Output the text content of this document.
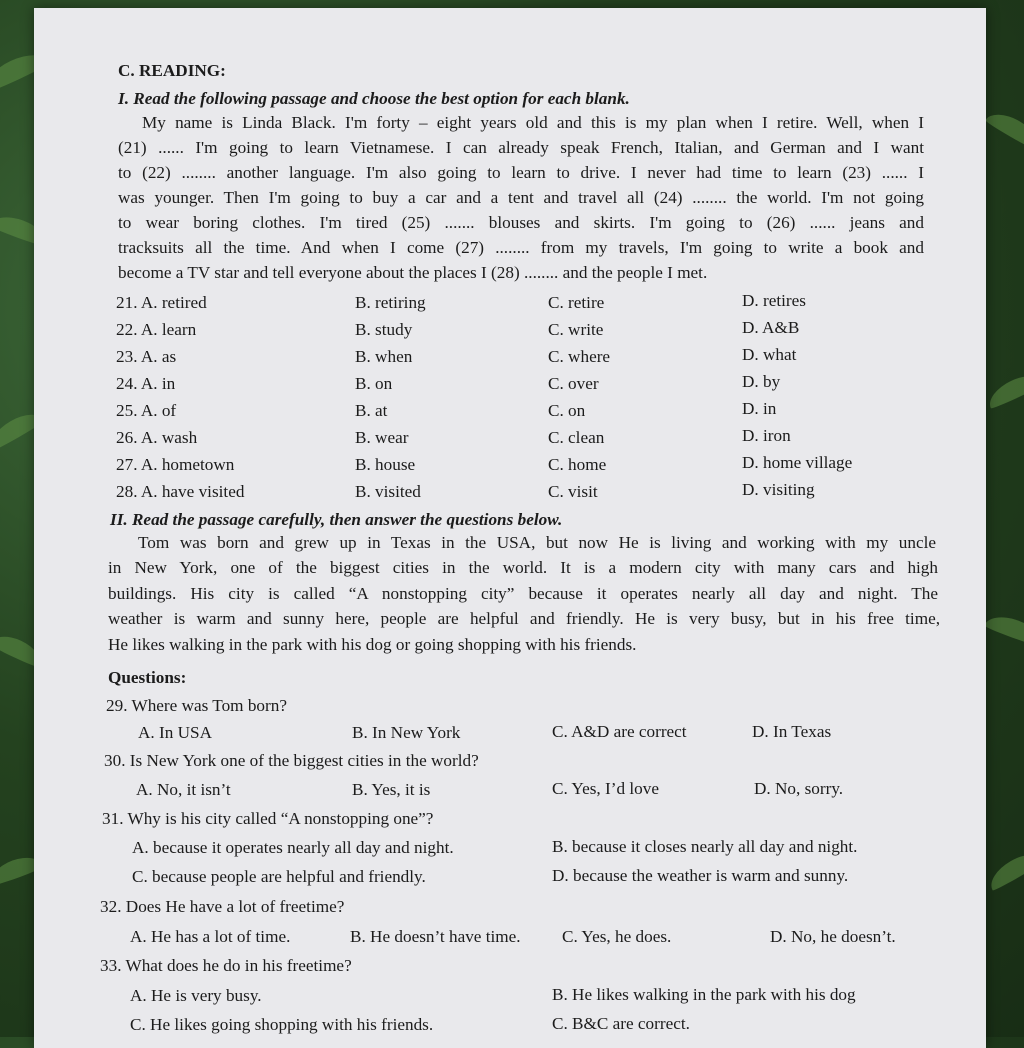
C. READING:
I. Read the following passage and choose the best option for each blank.
My name is Linda Black. I'm forty – eight years old and this is my plan when I retire. Well, when I
(21) ...... I'm going to learn Vietnamese. I can already speak French, Italian, and German and I want
to (22) ........ another language. I'm also going to learn to drive. I never had time to learn (23) ...... I
was younger. Then I'm going to buy a car and a tent and travel all (24) ........ the world. I'm not going
to wear boring clothes. I'm tired (25) ....... blouses and skirts. I'm going to (26) ...... jeans and
tracksuits all the time. And when I come (27) ........ from my travels, I'm going to write a book and
become a TV star and tell everyone about the places I (28) ........ and the people I met.
21. A. retired	B. retiring	C. retire	D. retires
22. A. learn	B. study	C. write	D. A&B
23. A. as	B. when	C. where	D. what
24. A. in	B. on	C. over	D. by
25. A. of	B. at	C. on	D. in
26. A. wash	B. wear	C. clean	D. iron
27. A. hometown	B. house	C. home	D. home village
28. A. have visited	B. visited	C. visit	D. visiting
II. Read the passage carefully, then answer the questions below.
Tom was born and grew up in Texas in the USA, but now He is living and working with my uncle
in New York, one of the biggest cities in the world. It is a modern city with many cars and high
buildings. His city is called “A nonstopping city” because it operates nearly all day and night. The
weather is warm and sunny here, people are helpful and friendly. He is very busy, but in his free time,
He likes walking in the park with his dog or going shopping with his friends.
Questions:
29. Where was Tom born?
A. In USA	B. In New York	C. A&D are correct	D. In Texas
30. Is New York one of the biggest cities in the world?
A. No, it isn’t	B. Yes, it is	C. Yes, I’d love	D. No, sorry.
31. Why is his city called “A nonstopping one”?
A. because it operates nearly all day and night.	B. because it closes nearly all day and night.
C. because people are helpful and friendly.	D. because the weather is warm and sunny.
32. Does He have a lot of freetime?
A. He has a lot of time.	B. He doesn’t have time. C. Yes, he does.	D. No, he doesn’t.
33. What does he do in his freetime?
A. He is very busy.	B. He likes walking in the park with his dog
C. He likes going shopping with his friends.	C. B&C are correct.
